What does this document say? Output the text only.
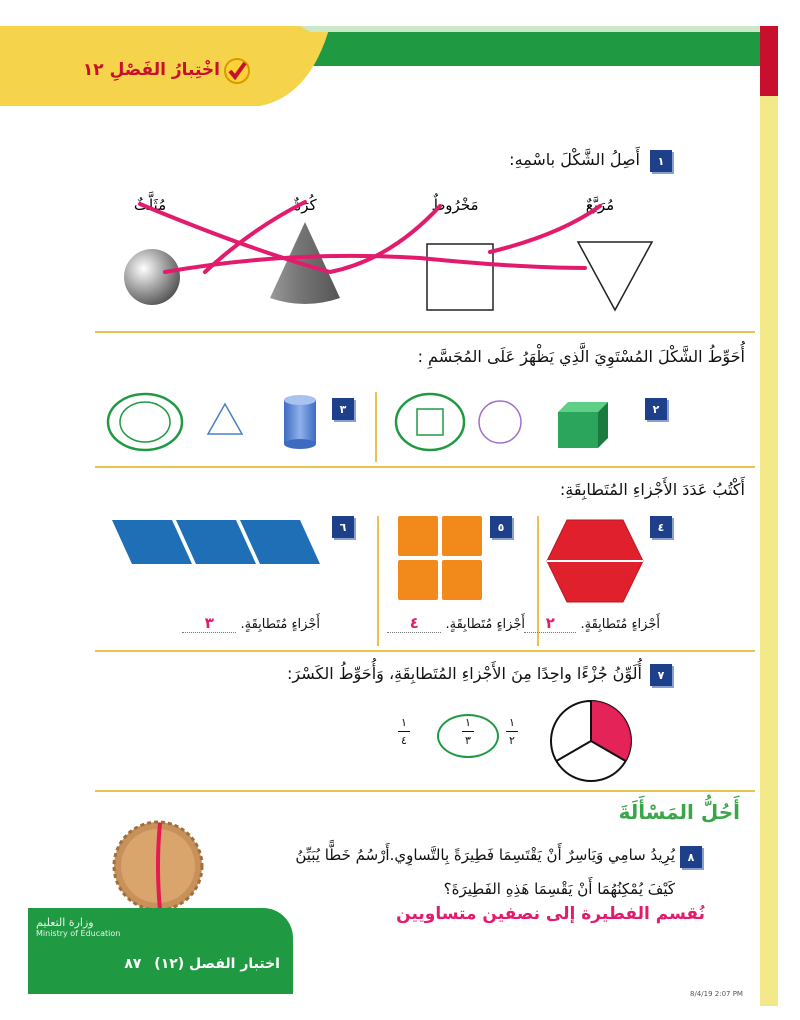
اخْتِبارُ الفَصْلِ ١٢
١
أَصِلُ الشَّكْلَ باسْمِهِ:
مُرَبَّعٌ
مَخْرُوطٌ
كُرَةٌ
مُثَلَّثٌ
أُحَوِّطُ الشَّكْلَ المُسْتَوِيَ الَّذِي يَظْهَرُ عَلَى المُجَسَّمِ :
٢
٣
أَكْتُبُ عَدَدَ الأَجْزاءِ المُتَطابِقَةِ:
٤
٥
٦
أَجْزاءٍ مُتَطابِقَةٍ. ٢
أَجْزاءٍ مُتَطابِقَةٍ. ٤
أَجْزاءٍ مُتَطابِقَةٍ. ٣
٧
أُلَوِّنُ جُزْءًا واحِدًا مِنَ الأَجْزاءِ المُتَطابِقَةِ، وَأُحَوِّطُ الكَسْرَ:
١
٢
١
٣
١
٤
أَحُلُّ المَسْأَلَةَ
٨
يُرِيدُ سامِي وَيَاسِرٌ أَنْ يَقْتَسِمَا فَطِيرَةً بِالتَّساوِي.أَرْسُمُ خَطًّا يُبَيِّنُ
كَيْفَ يُمْكِنُهُمَا أَنْ يَقْسِمَا هَذِهِ الفَطِيرَةَ؟
نُقسم الفطيرة إلى نصفين متساويين
اختبار الفصل (١٢) ٨٧
وزارة التعليم
Ministry of Education
8/4/19 2:07 PM
